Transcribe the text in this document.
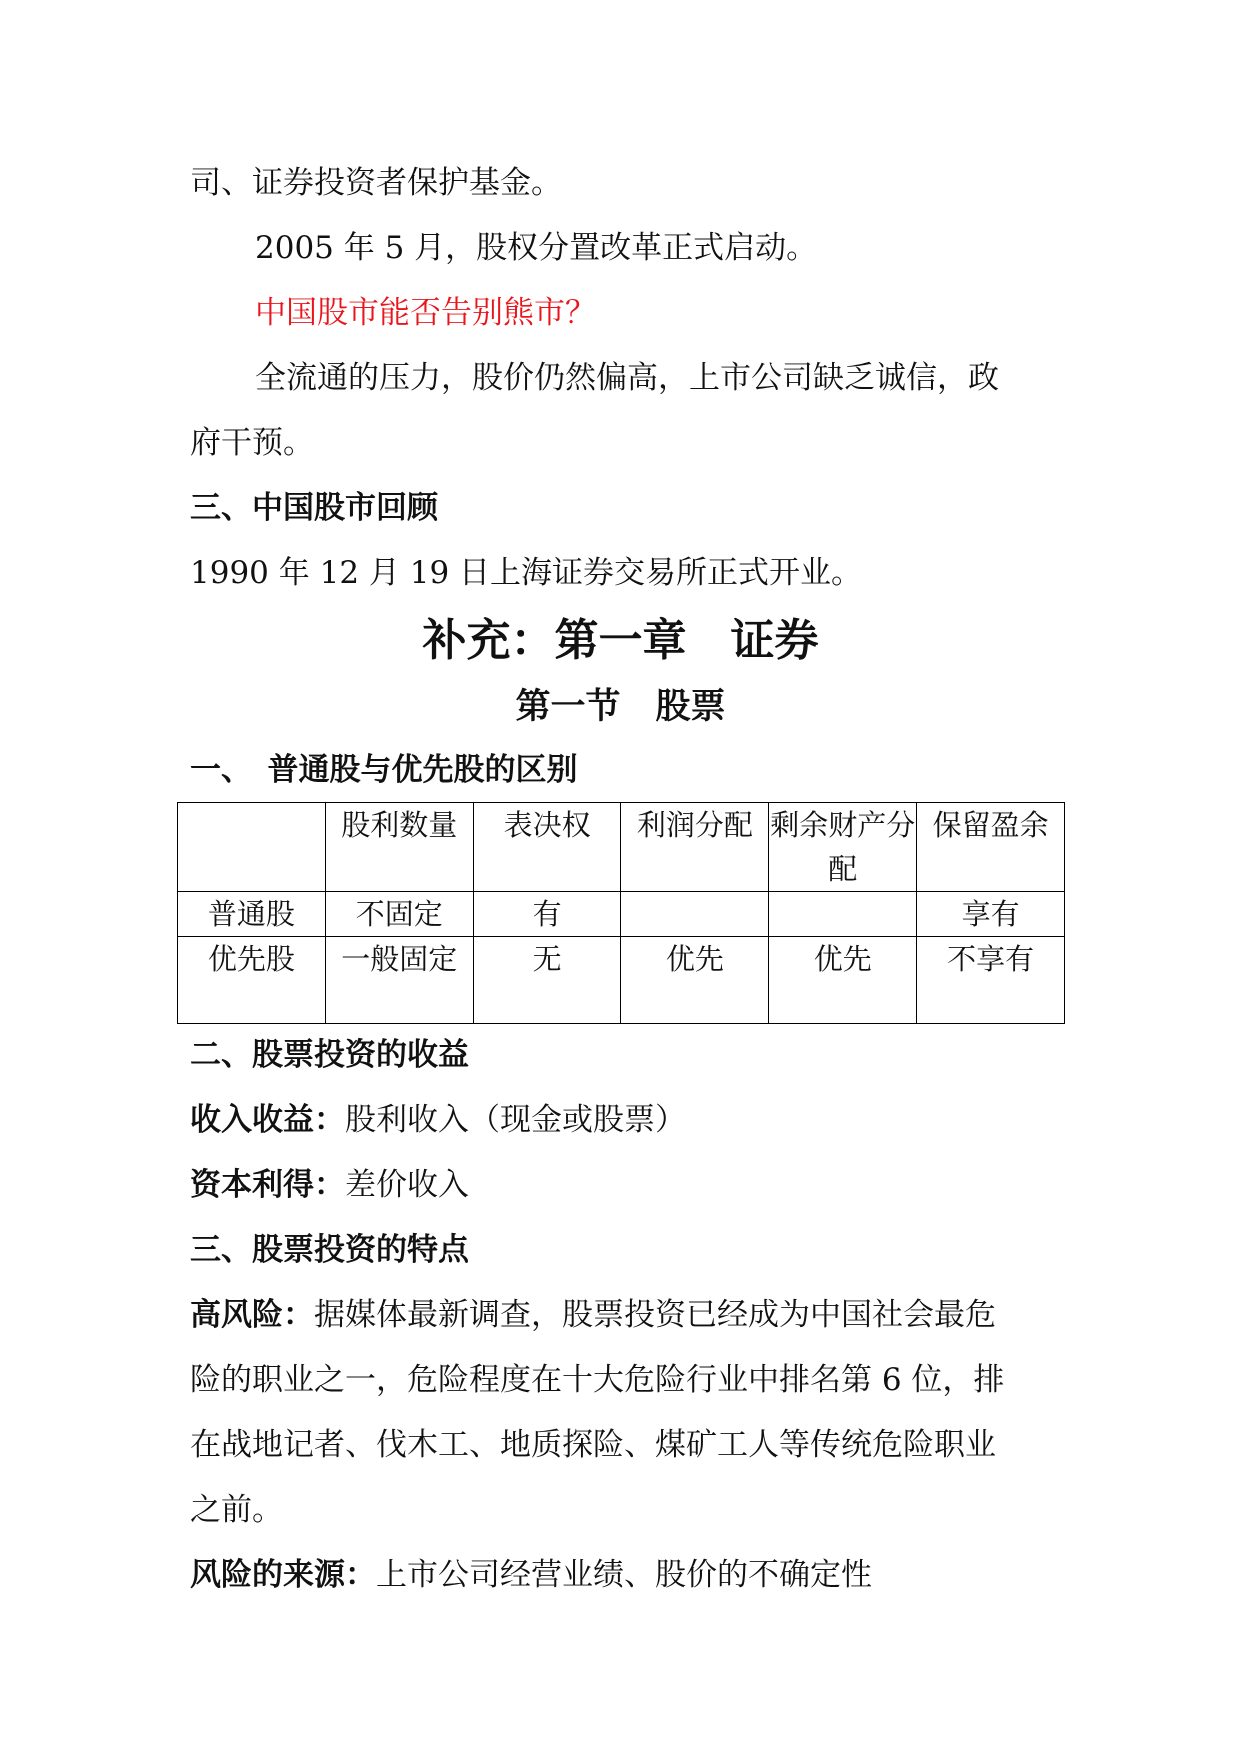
司、证券投资者保护基金。
2005 年 5 月，股权分置改革正式启动。
中国股市能否告别熊市？
全流通的压力，股价仍然偏高，上市公司缺乏诚信，政
府干预。
三、中国股市回顾
1990 年 12 月 19 日上海证券交易所正式开业。
补充：第一章　证券
第一节　股票
一、　普通股与优先股的区别
	股利数量	表决权	利润分配	剩余财产分配	保留盈余
普通股	不固定	有			享有
优先股	一般固定	无	优先	优先	不享有
二、股票投资的收益
收入收益：股利收入（现金或股票）
资本利得：差价收入
三、股票投资的特点
高风险：据媒体最新调查，股票投资已经成为中国社会最危
险的职业之一，危险程度在十大危险行业中排名第 6 位，排
在战地记者、伐木工、地质探险、煤矿工人等传统危险职业
之前。
风险的来源：上市公司经营业绩、股价的不确定性
